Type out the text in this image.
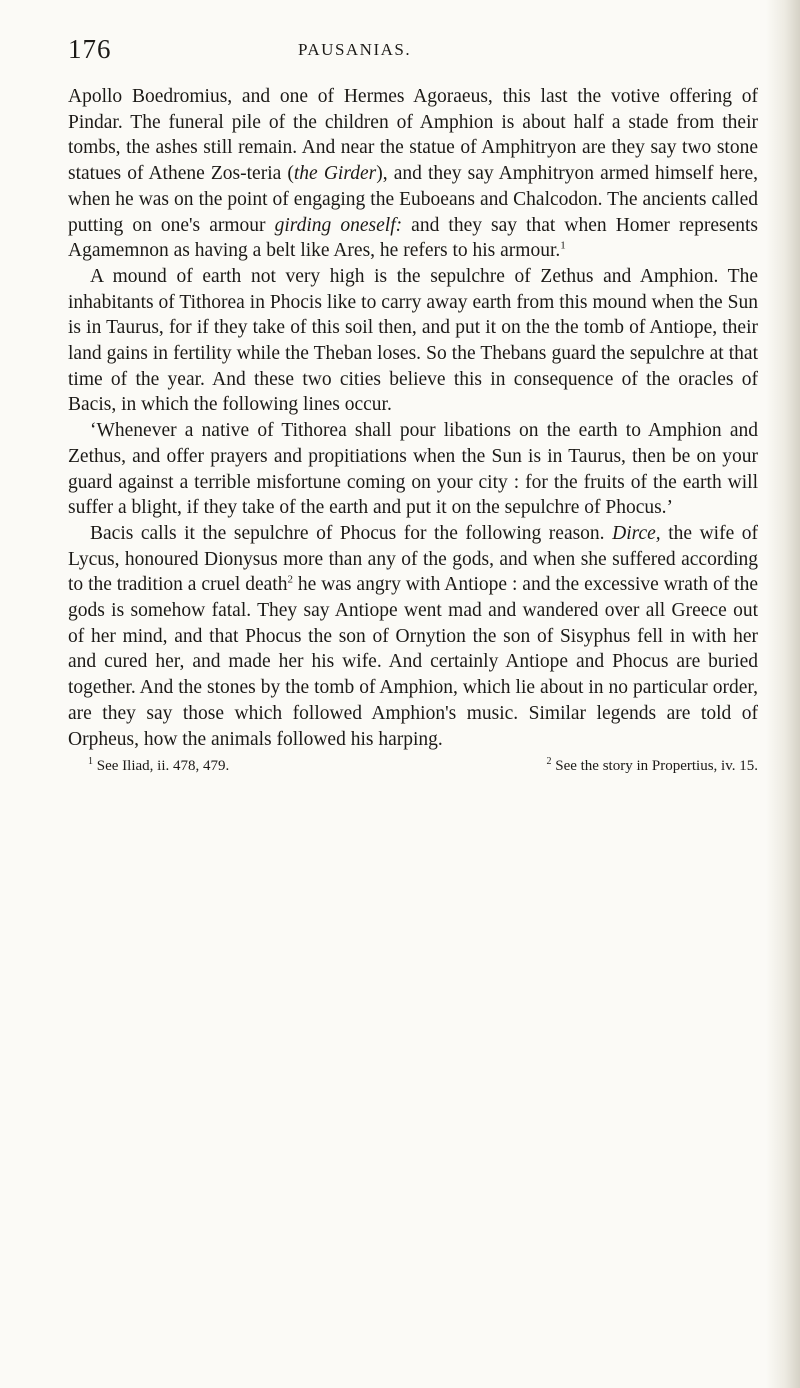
176	PAUSANIAS.

Apollo Boedromius, and one of Hermes Agoraeus, this last the votive offering of Pindar. The funeral pile of the children of Amphion is about half a stade from their tombs, the ashes still remain. And near the statue of Amphitryon are they say two stone statues of Athene Zos-teria (the Girder), and they say Amphitryon armed himself here, when he was on the point of engaging the Euboeans and Chalcodon. The ancients called putting on one's armour girding oneself: and they say that when Homer represents Agamemnon as having a belt like Ares, he refers to his armour.$^1$

A mound of earth not very high is the sepulchre of Zethus and Amphion. The inhabitants of Tithorea in Phocis like to carry away earth from this mound when the Sun is in Taurus, for if they take of this soil then, and put it on the the tomb of Antiope, their land gains in fertility while the Theban loses. So the Thebans guard the sepulchre at that time of the year. And these two cities believe this in consequence of the oracles of Bacis, in which the following lines occur.

‘Whenever a native of Tithorea shall pour libations on the earth to Amphion and Zethus, and offer prayers and propitiations when the Sun is in Taurus, then be on your guard against a terrible misfortune coming on your city : for the fruits of the earth will suffer a blight, if they take of the earth and put it on the sepulchre of Phocus.’

Bacis calls it the sepulchre of Phocus for the following reason. Dirce, the wife of Lycus, honoured Dionysus more than any of the gods, and when she suffered according to the tradition a cruel death$^2$ he was angry with Antiope : and the excessive wrath of the gods is somehow fatal. They say Antiope went mad and wandered over all Greece out of her mind, and that Phocus the son of Ornytion the son of Sisyphus fell in with her and cured her, and made her his wife. And certainly Antiope and Phocus are buried together. And the stones by the tomb of Amphion, which lie about in no particular order, are they say those which followed Amphion's music. Similar legends are told of Orpheus, how the animals followed his harping.

$^1$ See Iliad, ii. 478, 479.	$^2$ See the story in Propertius, iv. 15.
